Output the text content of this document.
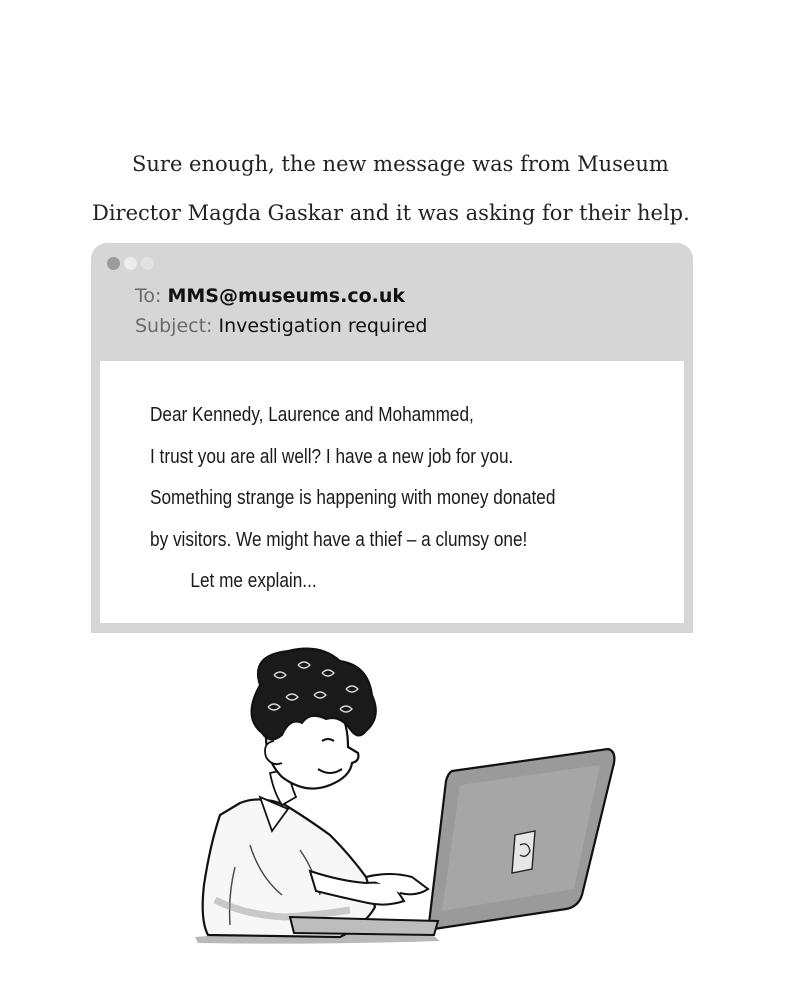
Sure enough, the new message was from Museum

Director Magda Gaskar and it was asking for their help.

To: MMS@museums.co.uk
Subject: Investigation required

Dear Kennedy, Laurence and Mohammed,

I trust you are all well? I have a new job for you.

Something strange is happening with money donated

by visitors. We might have a thief – a clumsy one!

Let me explain...
